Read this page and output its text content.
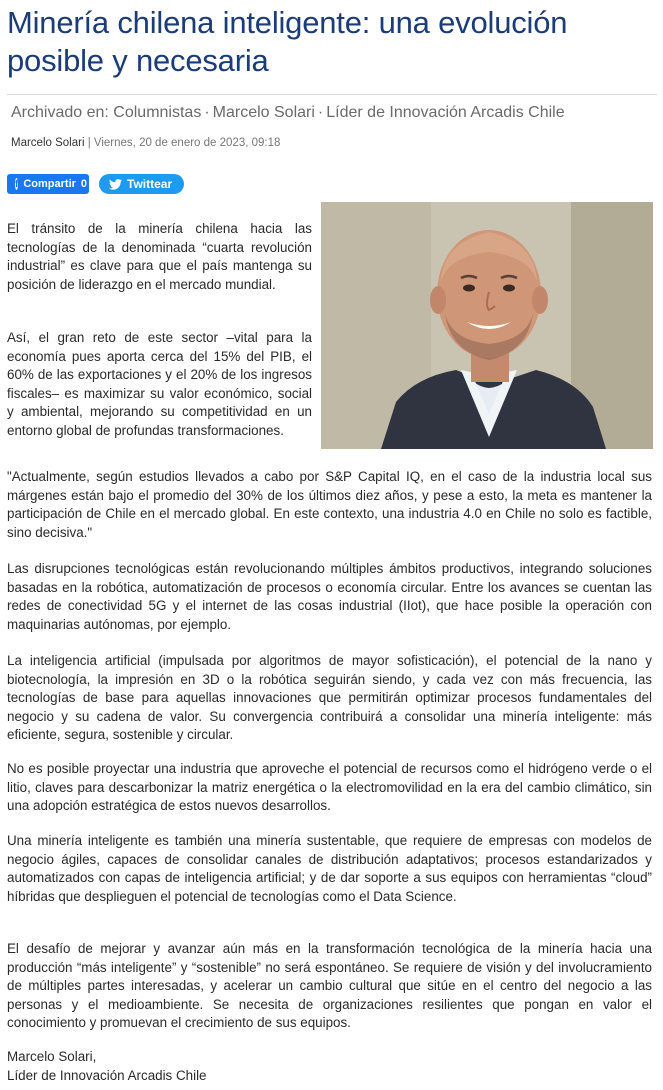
Minería chilena inteligente: una evolución posible y necesaria
Archivado en: Columnistas · Marcelo Solari · Líder de Innovación Arcadis Chile
Marcelo Solari | Viernes, 20 de enero de 2023, 09:18
f Compartir 0	Twittear

El tránsito de la minería chilena hacia las tecnologías de la denominada “cuarta revolución industrial” es clave para que el país mantenga su posición de liderazgo en el mercado mundial.

Así, el gran reto de este sector –vital para la economía pues aporta cerca del 15% del PIB, el 60% de las exportaciones y el 20% de los ingresos fiscales– es maximizar su valor económico, social y ambiental, mejorando su competitividad en un entorno global de profundas transformaciones.

"Actualmente, según estudios llevados a cabo por S&P Capital IQ, en el caso de la industria local sus márgenes están bajo el promedio del 30% de los últimos diez años, y pese a esto, la meta es mantener la participación de Chile en el mercado global. En este contexto, una industria 4.0 en Chile no solo es factible, sino decisiva."

Las disrupciones tecnológicas están revolucionando múltiples ámbitos productivos, integrando soluciones basadas en la robótica, automatización de procesos o economía circular. Entre los avances se cuentan las redes de conectividad 5G y el internet de las cosas industrial (IIot), que hace posible la operación con maquinarias autónomas, por ejemplo.

La inteligencia artificial (impulsada por algoritmos de mayor sofisticación), el potencial de la nano y biotecnología, la impresión en 3D o la robótica seguirán siendo, y cada vez con más frecuencia, las tecnologías de base para aquellas innovaciones que permitirán optimizar procesos fundamentales del negocio y su cadena de valor. Su convergencia contribuirá a consolidar una minería inteligente: más eficiente, segura, sostenible y circular.

No es posible proyectar una industria que aproveche el potencial de recursos como el hidrógeno verde o el litio, claves para descarbonizar la matriz energética o la electromovilidad en la era del cambio climático, sin una adopción estratégica de estos nuevos desarrollos.

Una minería inteligente es también una minería sustentable, que requiere de empresas con modelos de negocio ágiles, capaces de consolidar canales de distribución adaptativos; procesos estandarizados y automatizados con capas de inteligencia artificial; y de dar soporte a sus equipos con herramientas “cloud” híbridas que desplieguen el potencial de tecnologías como el Data Science.

El desafío de mejorar y avanzar aún más en la transformación tecnológica de la minería hacia una producción “más inteligente” y “sostenible” no será espontáneo. Se requiere de visión y del involucramiento de múltiples partes interesadas, y acelerar un cambio cultural que sitúe en el centro del negocio a las personas y el medioambiente. Se necesita de organizaciones resilientes que pongan en valor el conocimiento y promuevan el crecimiento de sus equipos.

Marcelo Solari,
Líder de Innovación Arcadis Chile
